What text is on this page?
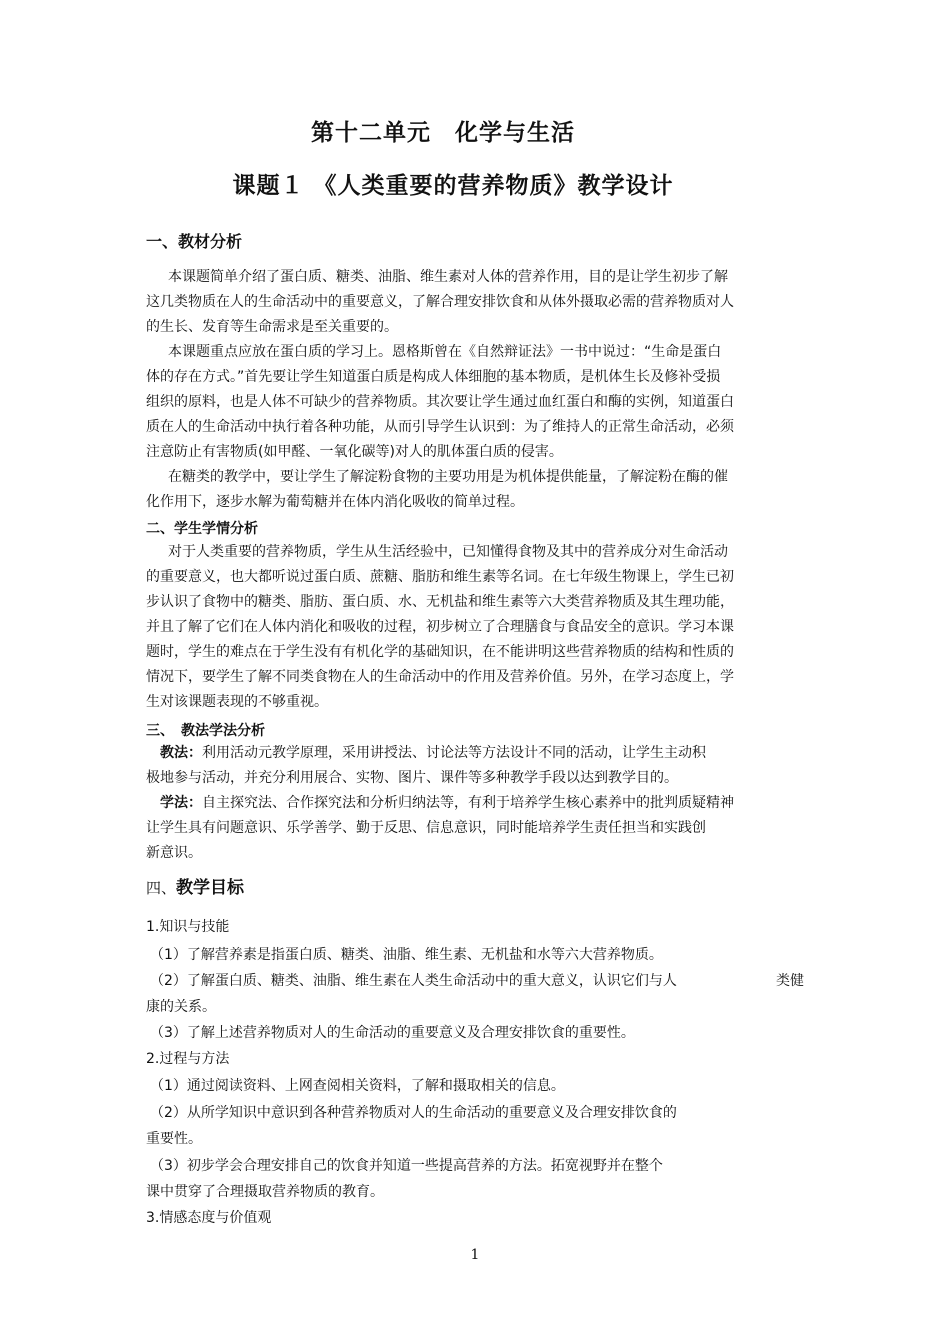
第十二单元　化学与生活
课题１ 《人类重要的营养物质》教学设计
一、教材分析
本课题简单介绍了蛋白质、糖类、油脂、维生素对人体的营养作用，目的是让学生初步了解
这几类物质在人的生命活动中的重要意义，了解合理安排饮食和从体外摄取必需的营养物质对人
的生长、发育等生命需求是至关重要的。
本课题重点应放在蛋白质的学习上。恩格斯曾在《自然辩证法》一书中说过：“生命是蛋白
体的存在方式。”首先要让学生知道蛋白质是构成人体细胞的基本物质，是机体生长及修补受损
组织的原料，也是人体不可缺少的营养物质。其次要让学生通过血红蛋白和酶的实例，知道蛋白
质在人的生命活动中执行着各种功能，从而引导学生认识到：为了维持人的正常生命活动，必须
注意防止有害物质(如甲醛、一氧化碳等)对人的肌体蛋白质的侵害。
在糖类的教学中，要让学生了解淀粉食物的主要功用是为机体提供能量，了解淀粉在酶的催
化作用下，逐步水解为葡萄糖并在体内消化吸收的简单过程。
二、学生学情分析
对于人类重要的营养物质，学生从生活经验中，已知懂得食物及其中的营养成分对生命活动
的重要意义，也大都听说过蛋白质、蔗糖、脂肪和维生素等名词。在七年级生物课上，学生已初
步认识了食物中的糖类、脂肪、蛋白质、水、无机盐和维生素等六大类营养物质及其生理功能，
并且了解了它们在人体内消化和吸收的过程，初步树立了合理膳食与食品安全的意识。学习本课
题时，学生的难点在于学生没有有机化学的基础知识，在不能讲明这些营养物质的结构和性质的
情况下，要学生了解不同类食物在人的生命活动中的作用及营养价值。另外，在学习态度上，学
生对该课题表现的不够重视。
三、　教法学法分析
教法：利用活动元教学原理，采用讲授法、讨论法等方法设计不同的活动，让学生主动积
极地参与活动，并充分利用展合、实物、图片、课件等多种教学手段以达到教学目的。
学法：自主探究法、合作探究法和分析归纳法等，有利于培养学生核心素养中的批判质疑精神
让学生具有问题意识、乐学善学、勤于反思、信息意识，同时能培养学生责任担当和实践创
新意识。
四、教学目标
1.知识与技能
（1）了解营养素是指蛋白质、糖类、油脂、维生素、无机盐和水等六大营养物质。
（2）了解蛋白质、糖类、油脂、维生素在人类生命活动中的重大意义，认识它们与人	类健
康的关系。
（3）了解上述营养物质对人的生命活动的重要意义及合理安排饮食的重要性。
2.过程与方法
（1）通过阅读资料、上网查阅相关资料，了解和摄取相关的信息。
（2）从所学知识中意识到各种营养物质对人的生命活动的重要意义及合理安排饮食的
重要性。
（3）初步学会合理安排自己的饮食并知道一些提高营养的方法。拓宽视野并在整个
课中贯穿了合理摄取营养物质的教育。
3.情感态度与价值观
1
